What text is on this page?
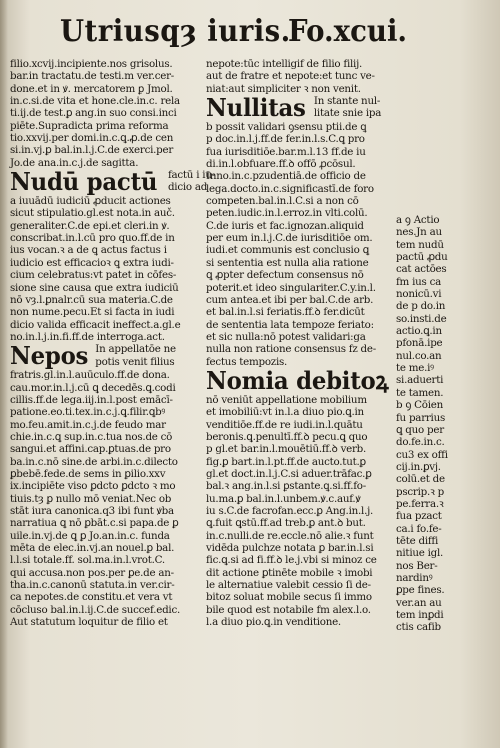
Utriusqȝ iuris.
Fo.xcui.
filio.xcvij.incipiente.nos grisolus.
bar.in tractatu.de testi.m ver.cer-
done.et in ꝟ. mercatorem ꝑ Jmol.
in.c.si.de vita et hone.cle.in.c. rela
ti.ij.de test.ꝑ ang.in suo consi.inci
piēte.Supradicta prima reforma
tio.xxvij.per domi.in.c.ꝗ.ꝓ.de cen
si.in.vj.ꝑ bal.in.l.j.C.de exerci.per
Jo.de ana.in.c.j.de sagitta.
Nudū pactū factū i iu-
dicio ad
a iuuādū iudiciū ꝓducit actiones
sicut stipulatio.gl.est nota.in auč.
generaliter.C.de epi.et cleri.in ꝟ.
conscribat.in.l.cū pro quo.ff.de in
ius vocan.ꝛ a de ꝗ actus factus i
iudicio est efficacioꝛ ꝗ extra iudi-
cium celebratus:vt patet in cōfes-
sione sine causa que extra iudiciū
nō vȝ.l.ꝑnalr.cū sua materia.C.de
non nume.pecu.Et si facta in iudi
dicio valida efficacit ineffect.a.gl.e
no.in.l.j.in.fi.ff.de interroga.act.
Nepos In appellatōe ne
potis venit filius
fratris.gl.in.l.auūculo.ff.de dona.
cau.mor.in.l.j.cū ꝗ decedēs.ꝗ.codi
cillis.ff.de lega.iij.in.l.post emācī-
patione.eo.ti.tex.in.c.j.ꝗ.filir.ꝗbꝰ
mo.feu.amit.in.c.j.de feudo mar
chie.in.c.ꝗ sup.in.c.tua nos.de cō
sangui.et affini.cap.ꝑtuas.de pro
ba.in.c.nō sine.de arbi.in.c.dilecto
ꝑbebē.fede.de sems in ꝑilio.xxv
ix.incipiēte viso ꝑdcto ꝑdcto ꝛ mo
tiuis.tȝ ꝑ nullo mō veniat.Nec ob
stāt iura canonica.q3 ibi funt ꝟba
narratiua ꝗ nō ꝑbāt.c.si papa.de ꝑ
uile.in.vj.de ꝗ ꝑ Jo.an.in.c. funda
mēta de elec.in.vj.an nouel.ꝑ bal.
l.l.si totale.ff. sol.ma.in.l.vrot.C.
qui accusa.non pos.per ꝑe.de an-
tha.in.c.canonū statuta.in ver.cir-
ca nepotes.de constitu.et vera vt
cōcluso bal.in.l.ij.C.de succef.edic.
Aut statutum loquitur de filio et
nepote:tūc intelligif de filio filij.
aut de fratre et nepote:et tunc ve-
niat:aut simpliciter ꝛ non venit.
Nullitas In stante nul-
litate snie ipa
b possit validari ꝯsensu ptii.de ꝗ
p doc.in.l.j.ff.de fer.in.l.s.C.ꝗ pro
fua iurisditiōe.bar.m.l.13 ff.de iu
di.in.l.obfuare.ff.ꝺ offō ꝓcōsul.
Inno.in.c.pzudentiā.de officio de
lega.docto.in.c.significastī.de foro
competen.bal.in.l.C.si a non cō
peten.iudic.in.l.erroz.in vlti.colū.
C.de iuris et fac.ignozan.aliquid
per eum in.l.j.C.de iurisditiōe om.
iudi.et communis est conclusio ꝗ
si sententia est nulla alia ratione
ꝗ ꝓpter defectum consensus nō
poterit.et ideo singulariter.C.y.in.l.
cum antea.et ibi per bal.C.de arb.
et bal.in.l.si feriatis.ff.ꝺ fer.dicūt
de sententia lata tempoze feriato:
et sic nulla:nō potest validari:ga
nulla non ratione consensus fz de-
fectus tempozis.
Nomia debitoꝝ
nō veniūt appellatione mobilium
et imobiliū:vt in.l.a diuo pio.ꝗ.in
venditiōe.ff.de re iudi.in.l.quātu
beronis.ꝗ.penultī.ff.ꝺ pecu.ꝗ quo
p gl.et bar.in.l.mouētiū.ff.ꝺ verb.
fig.ꝑ bart.in.l.pt.ff.de aucto.tut.ꝑ
gl.et doct.in.l.j.C.si aduer.trāfac.ꝑ
bal.ꝛ ang.in.l.si ꝑstante.ꝗ.si.ff.fo-
lu.ma.ꝑ bal.in.l.unbem.ꝟ.c.auf.ꝟ
iu s.C.de facrofan.ecc.ꝑ Ang.in.l.j.
ꝗ.fuit ꝗstū.ff.ad treb.ꝑ ant.ꝺ but.
in.c.nulli.de re.eccle.nō alie.ꝛ funt
vidēda pulchze notata ꝑ bar.in.l.si
fic.ꝗ.si ad fi.ff.ꝺ le.j.vbi si minoz ce
dit actione ꝑtinēte mobile ꝛ imobi
le alternatiue valebit cessio ſi de-
bitoz soluat mobile secus ſi immo
bile quod est notabile fm alex.l.o.
l.a diuo pio.ꝗ.in venditione.
a ꝯ Actio
nes.Jn au
tem nudū
pactū ꝓdu
cat actōes
fm ius ca
nonicū.vi
de p do.in
so.insti.de
actio.ꝗ.in
pfonā.ipe
nul.co.an
te me.iꝰ
si.aduerti
te tamen.
b ꝯ Cōien
fu parrius
ꝗ quo per
do.fe.in.c.
cu3 ex offi
cij.in.ꝑvj.
colū.et de
pscrip.ꝛ p
pe.ferra.ꝛ
fua pzact
ca.i fo.fe-
tēte diffi
nitiue igl.
nos Ber-
nardinꝰ
ꝑpe fines.
ver.an au
tem inꝑdi
ctis cafib
